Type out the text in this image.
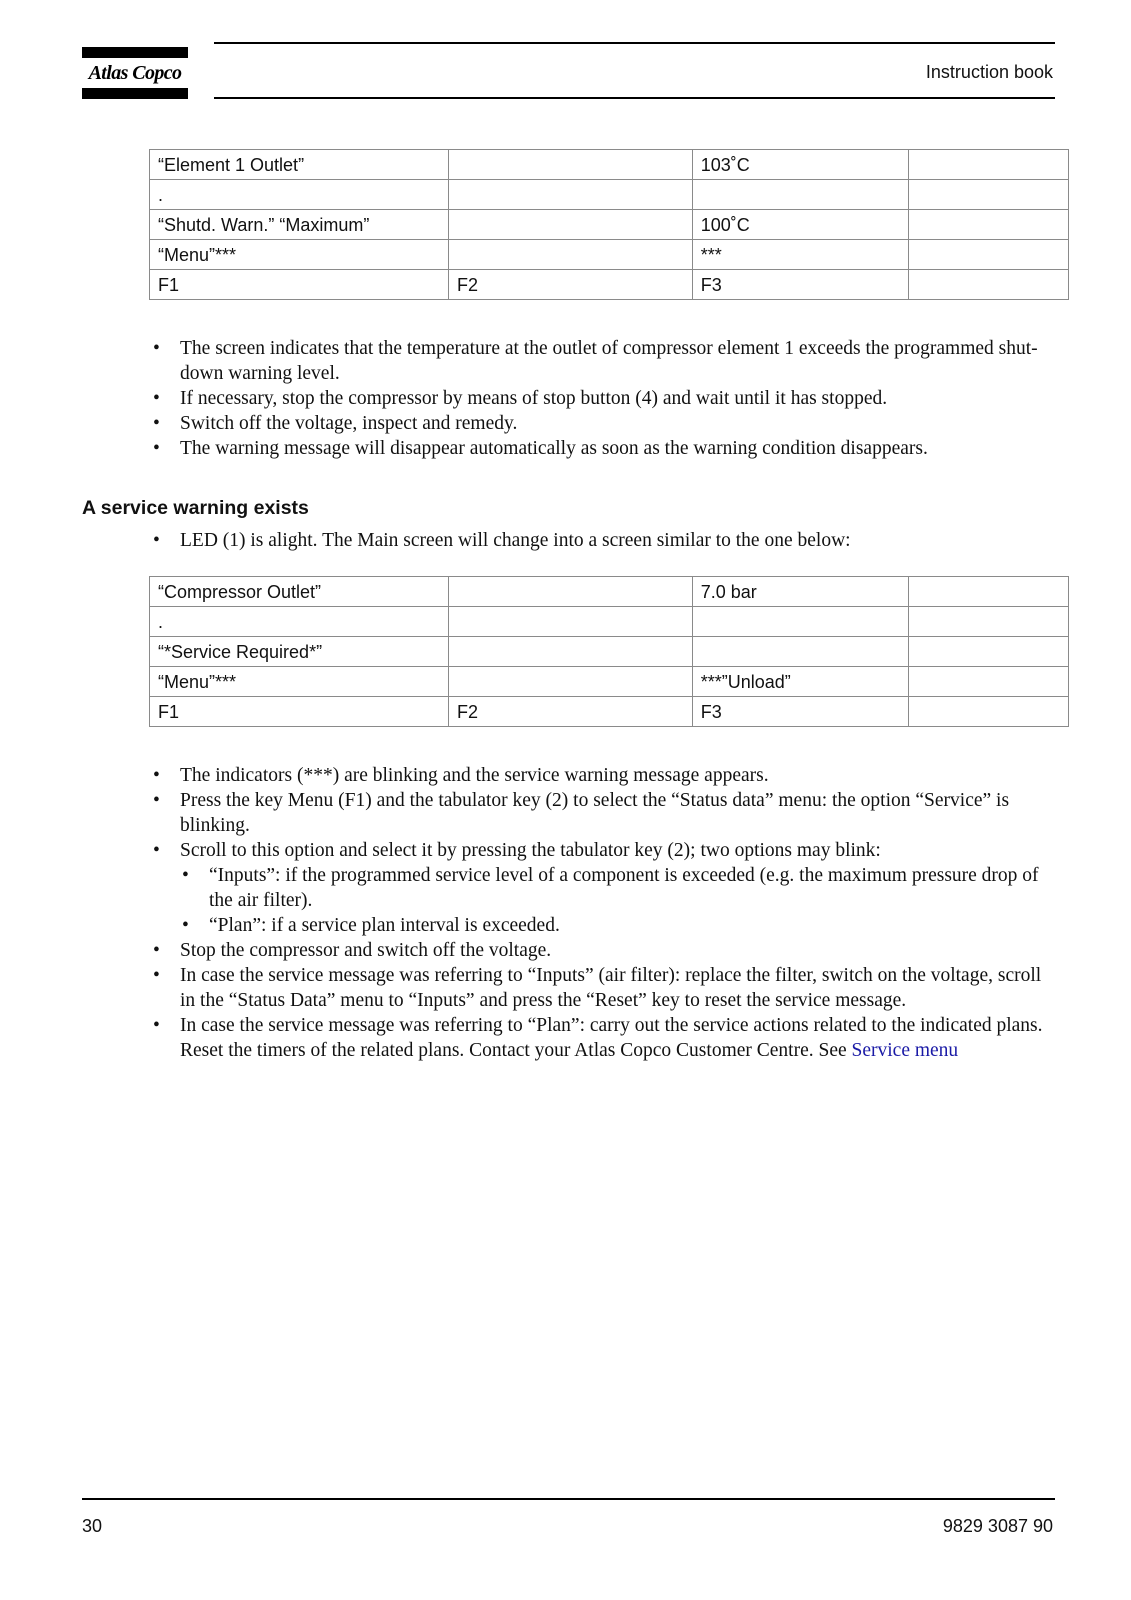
Atlas Copco	Instruction book
“Element 1 Outlet”		103˚C	
.			
“Shutd. Warn.” “Maximum”		100˚C	
“Menu”***		***	
F1	F2	F3	
• The screen indicates that the temperature at the outlet of compressor element 1 exceeds the programmed shut-down warning level.
• If necessary, stop the compressor by means of stop button (4) and wait until it has stopped.
• Switch off the voltage, inspect and remedy.
• The warning message will disappear automatically as soon as the warning condition disappears.
A service warning exists
• LED (1) is alight. The Main screen will change into a screen similar to the one below:
“Compressor Outlet”		7.0 bar	
.			
“*Service Required*”			
“Menu”***		***”Unload”	
F1	F2	F3	
• The indicators (***) are blinking and the service warning message appears.
• Press the key Menu (F1) and the tabulator key (2) to select the “Status data” menu: the option “Service” is blinking.
• Scroll to this option and select it by pressing the tabulator key (2); two options may blink:
• “Inputs”: if the programmed service level of a component is exceeded (e.g. the maximum pressure drop of the air filter).
• “Plan”: if a service plan interval is exceeded.
• Stop the compressor and switch off the voltage.
• In case the service message was referring to “Inputs” (air filter): replace the filter, switch on the voltage, scroll in the “Status Data” menu to “Inputs” and press the “Reset” key to reset the service message.
• In case the service message was referring to “Plan”: carry out the service actions related to the indicated plans. Reset the timers of the related plans. Contact your Atlas Copco Customer Centre. See Service menu
30	9829 3087 90
